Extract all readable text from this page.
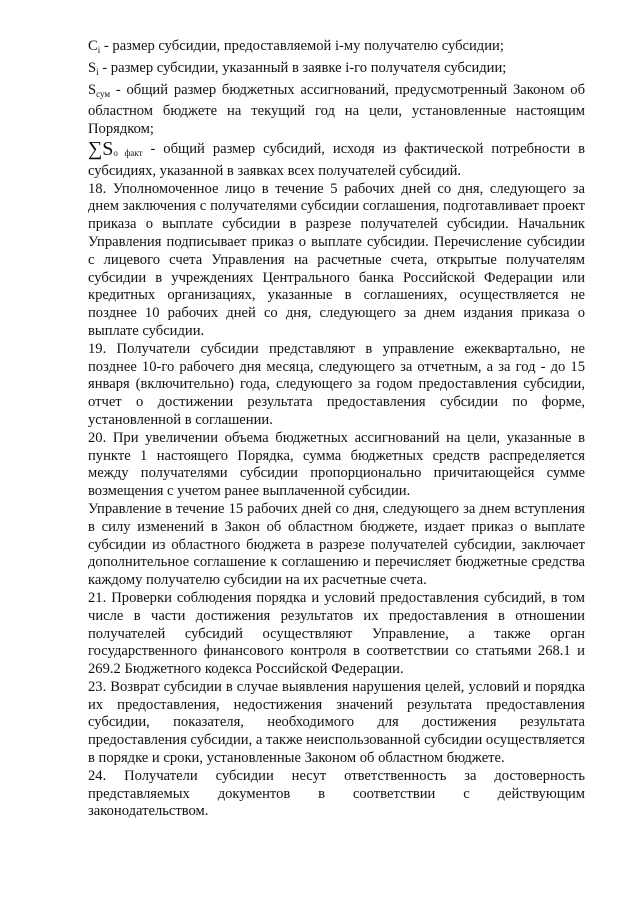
$C_i$ - размер субсидии, предоставляемой i-му получателю субсидии;

$S_i$ - размер субсидии, указанный в заявке i-го получателя субсидии;

$S_{сум}$ - общий размер бюджетных ассигнований, предусмотренный Законом об областном бюджете на текущий год на цели, установленные настоящим Порядком;

$\sum S_{о факт}$ - общий размер субсидий, исходя из фактической потребности в субсидиях, указанной в заявках всех получателей субсидий.

18. Уполномоченное лицо в течение 5 рабочих дней со дня, следующего за днем заключения с получателями субсидии соглашения, подготавливает проект приказа о выплате субсидии в разрезе получателей субсидии. Начальник Управления подписывает приказ о выплате субсидии. Перечисление субсидии с лицевого счета Управления на расчетные счета, открытые получателям субсидии в учреждениях Центрального банка Российской Федерации или кредитных организациях, указанные в соглашениях, осуществляется не позднее 10 рабочих дней со дня, следующего за днем издания приказа о выплате субсидии.

19. Получатели субсидии представляют в управление ежеквартально, не позднее 10-го рабочего дня месяца, следующего за отчетным, а за год - до 15 января (включительно) года, следующего за годом предоставления субсидии, отчет о достижении результата предоставления субсидии по форме, установленной в соглашении.

20. При увеличении объема бюджетных ассигнований на цели, указанные в пункте 1 настоящего Порядка, сумма бюджетных средств распределяется между получателями субсидии пропорционально причитающейся сумме возмещения с учетом ранее выплаченной субсидии.

Управление в течение 15 рабочих дней со дня, следующего за днем вступления в силу изменений в Закон об областном бюджете, издает приказ о выплате субсидии из областного бюджета в разрезе получателей субсидии, заключает дополнительное соглашение к соглашению и перечисляет бюджетные средства каждому получателю субсидии на их расчетные счета.

21. Проверки соблюдения порядка и условий предоставления субсидий, в том числе в части достижения результатов их предоставления в отношении получателей субсидий осуществляют Управление, а также орган государственного финансового контроля в соответствии со статьями 268.1 и 269.2 Бюджетного кодекса Российской Федерации.

23. Возврат субсидии в случае выявления нарушения целей, условий и порядка их предоставления, недостижения значений результата предоставления субсидии, показателя, необходимого для достижения результата предоставления субсидии, а также неиспользованной субсидии осуществляется в порядке и сроки, установленные Законом об областном бюджете.

24. Получатели субсидии несут ответственность за достоверность представляемых документов в соответствии с действующим законодательством.
